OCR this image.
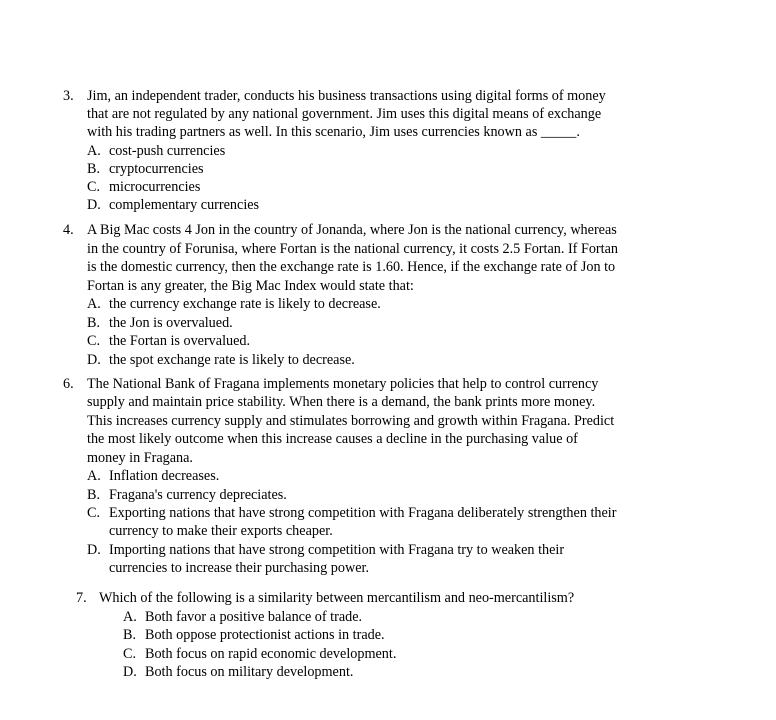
3. Jim, an independent trader, conducts his business transactions using digital forms of money
that are not regulated by any national government. Jim uses this digital means of exchange
with his trading partners as well. In this scenario, Jim uses currencies known as _____.
A. cost-push currencies
B. cryptocurrencies
C. microcurrencies
D. complementary currencies
4. A Big Mac costs 4 Jon in the country of Jonanda, where Jon is the national currency, whereas
in the country of Forunisa, where Fortan is the national currency, it costs 2.5 Fortan. If Fortan
is the domestic currency, then the exchange rate is 1.60. Hence, if the exchange rate of Jon to
Fortan is any greater, the Big Mac Index would state that:
A. the currency exchange rate is likely to decrease.
B. the Jon is overvalued.
C. the Fortan is overvalued.
D. the spot exchange rate is likely to decrease.
6. The National Bank of Fragana implements monetary policies that help to control currency
supply and maintain price stability. When there is a demand, the bank prints more money.
This increases currency supply and stimulates borrowing and growth within Fragana. Predict
the most likely outcome when this increase causes a decline in the purchasing value of
money in Fragana.
A. Inflation decreases.
B. Fragana's currency depreciates.
C. Exporting nations that have strong competition with Fragana deliberately strengthen their
currency to make their exports cheaper.
D. Importing nations that have strong competition with Fragana try to weaken their
currencies to increase their purchasing power.
7. Which of the following is a similarity between mercantilism and neo-mercantilism?
A. Both favor a positive balance of trade.
B. Both oppose protectionist actions in trade.
C. Both focus on rapid economic development.
D. Both focus on military development.
